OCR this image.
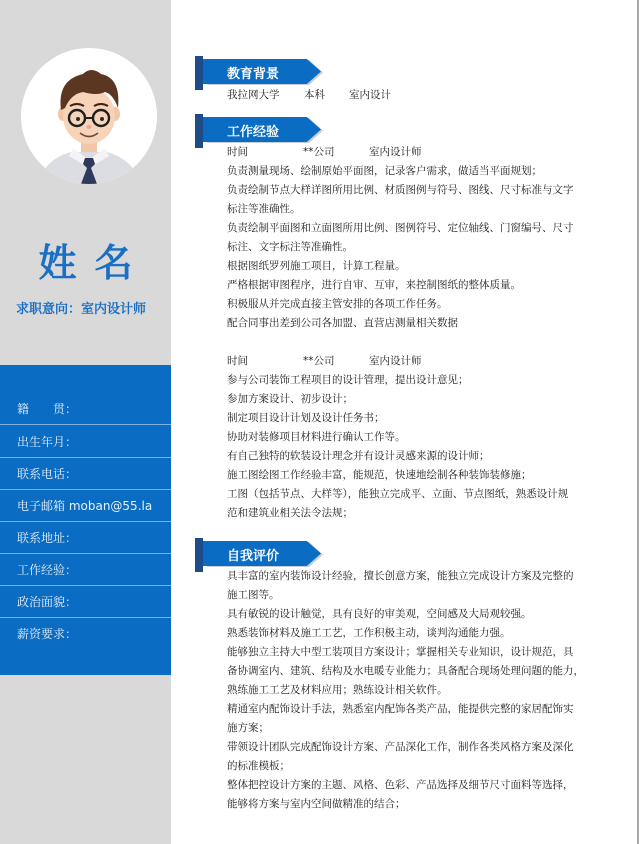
姓名
求职意向：室内设计师
籍　　贯：
出生年月：
联系电话：
电子邮箱 moban@55.la
联系地址：
工作经验：
政治面貌：
薪资要求：
教育背景
我拉网大学 本科 室内设计
工作经验
时间	**公司	室内设计师
负责测量现场、绘制原始平面图，记录客户需求，做适当平面规划；
负责绘制节点大样详图所用比例、材质图例与符号、图线、尺寸标准与文字
标注等准确性。
负责绘制平面图和立面图所用比例、图例符号、定位轴线、门窗编号、尺寸
标注、文字标注等准确性。
根据图纸罗列施工项目，计算工程量。
严格根据审图程序，进行自审、互审，来控制图纸的整体质量。
积极服从并完成直接主管安排的各项工作任务。
配合同事出差到公司各加盟、直营店测量相关数据
时间	**公司	室内设计师
参与公司装饰工程项目的设计管理，提出设计意见；
参加方案设计、初步设计；
制定项目设计计划及设计任务书；
协助对装修项目材料进行确认工作等。
有自己独特的软装设计理念并有设计灵感来源的设计师；
施工图绘图工作经验丰富，能规范，快速地绘制各种装饰装修施；
工图（包括节点、大样等），能独立完成平、立面、节点图纸，熟悉设计规
范和建筑业相关法令法规；
自我评价
具丰富的室内装饰设计经验，擅长创意方案，能独立完成设计方案及完整的
施工图等。
具有敏锐的设计触觉，具有良好的审美观，空间感及大局观较强。
熟悉装饰材料及施工工艺，工作积极主动，谈判沟通能力强。
能够独立主持大中型工装项目方案设计；掌握相关专业知识，设计规范，具
备协调室内、建筑、结构及水电暖专业能力；具备配合现场处理问题的能力，
熟练施工工艺及材料应用；熟练设计相关软件。
精通室内配饰设计手法，熟悉室内配饰各类产品，能提供完整的家居配饰实
施方案；
带领设计团队完成配饰设计方案、产品深化工作，制作各类风格方案及深化
的标准模板；
整体把控设计方案的主题、风格、色彩、产品选择及细节尺寸面料等选择，
能够将方案与室内空间做精准的结合；
